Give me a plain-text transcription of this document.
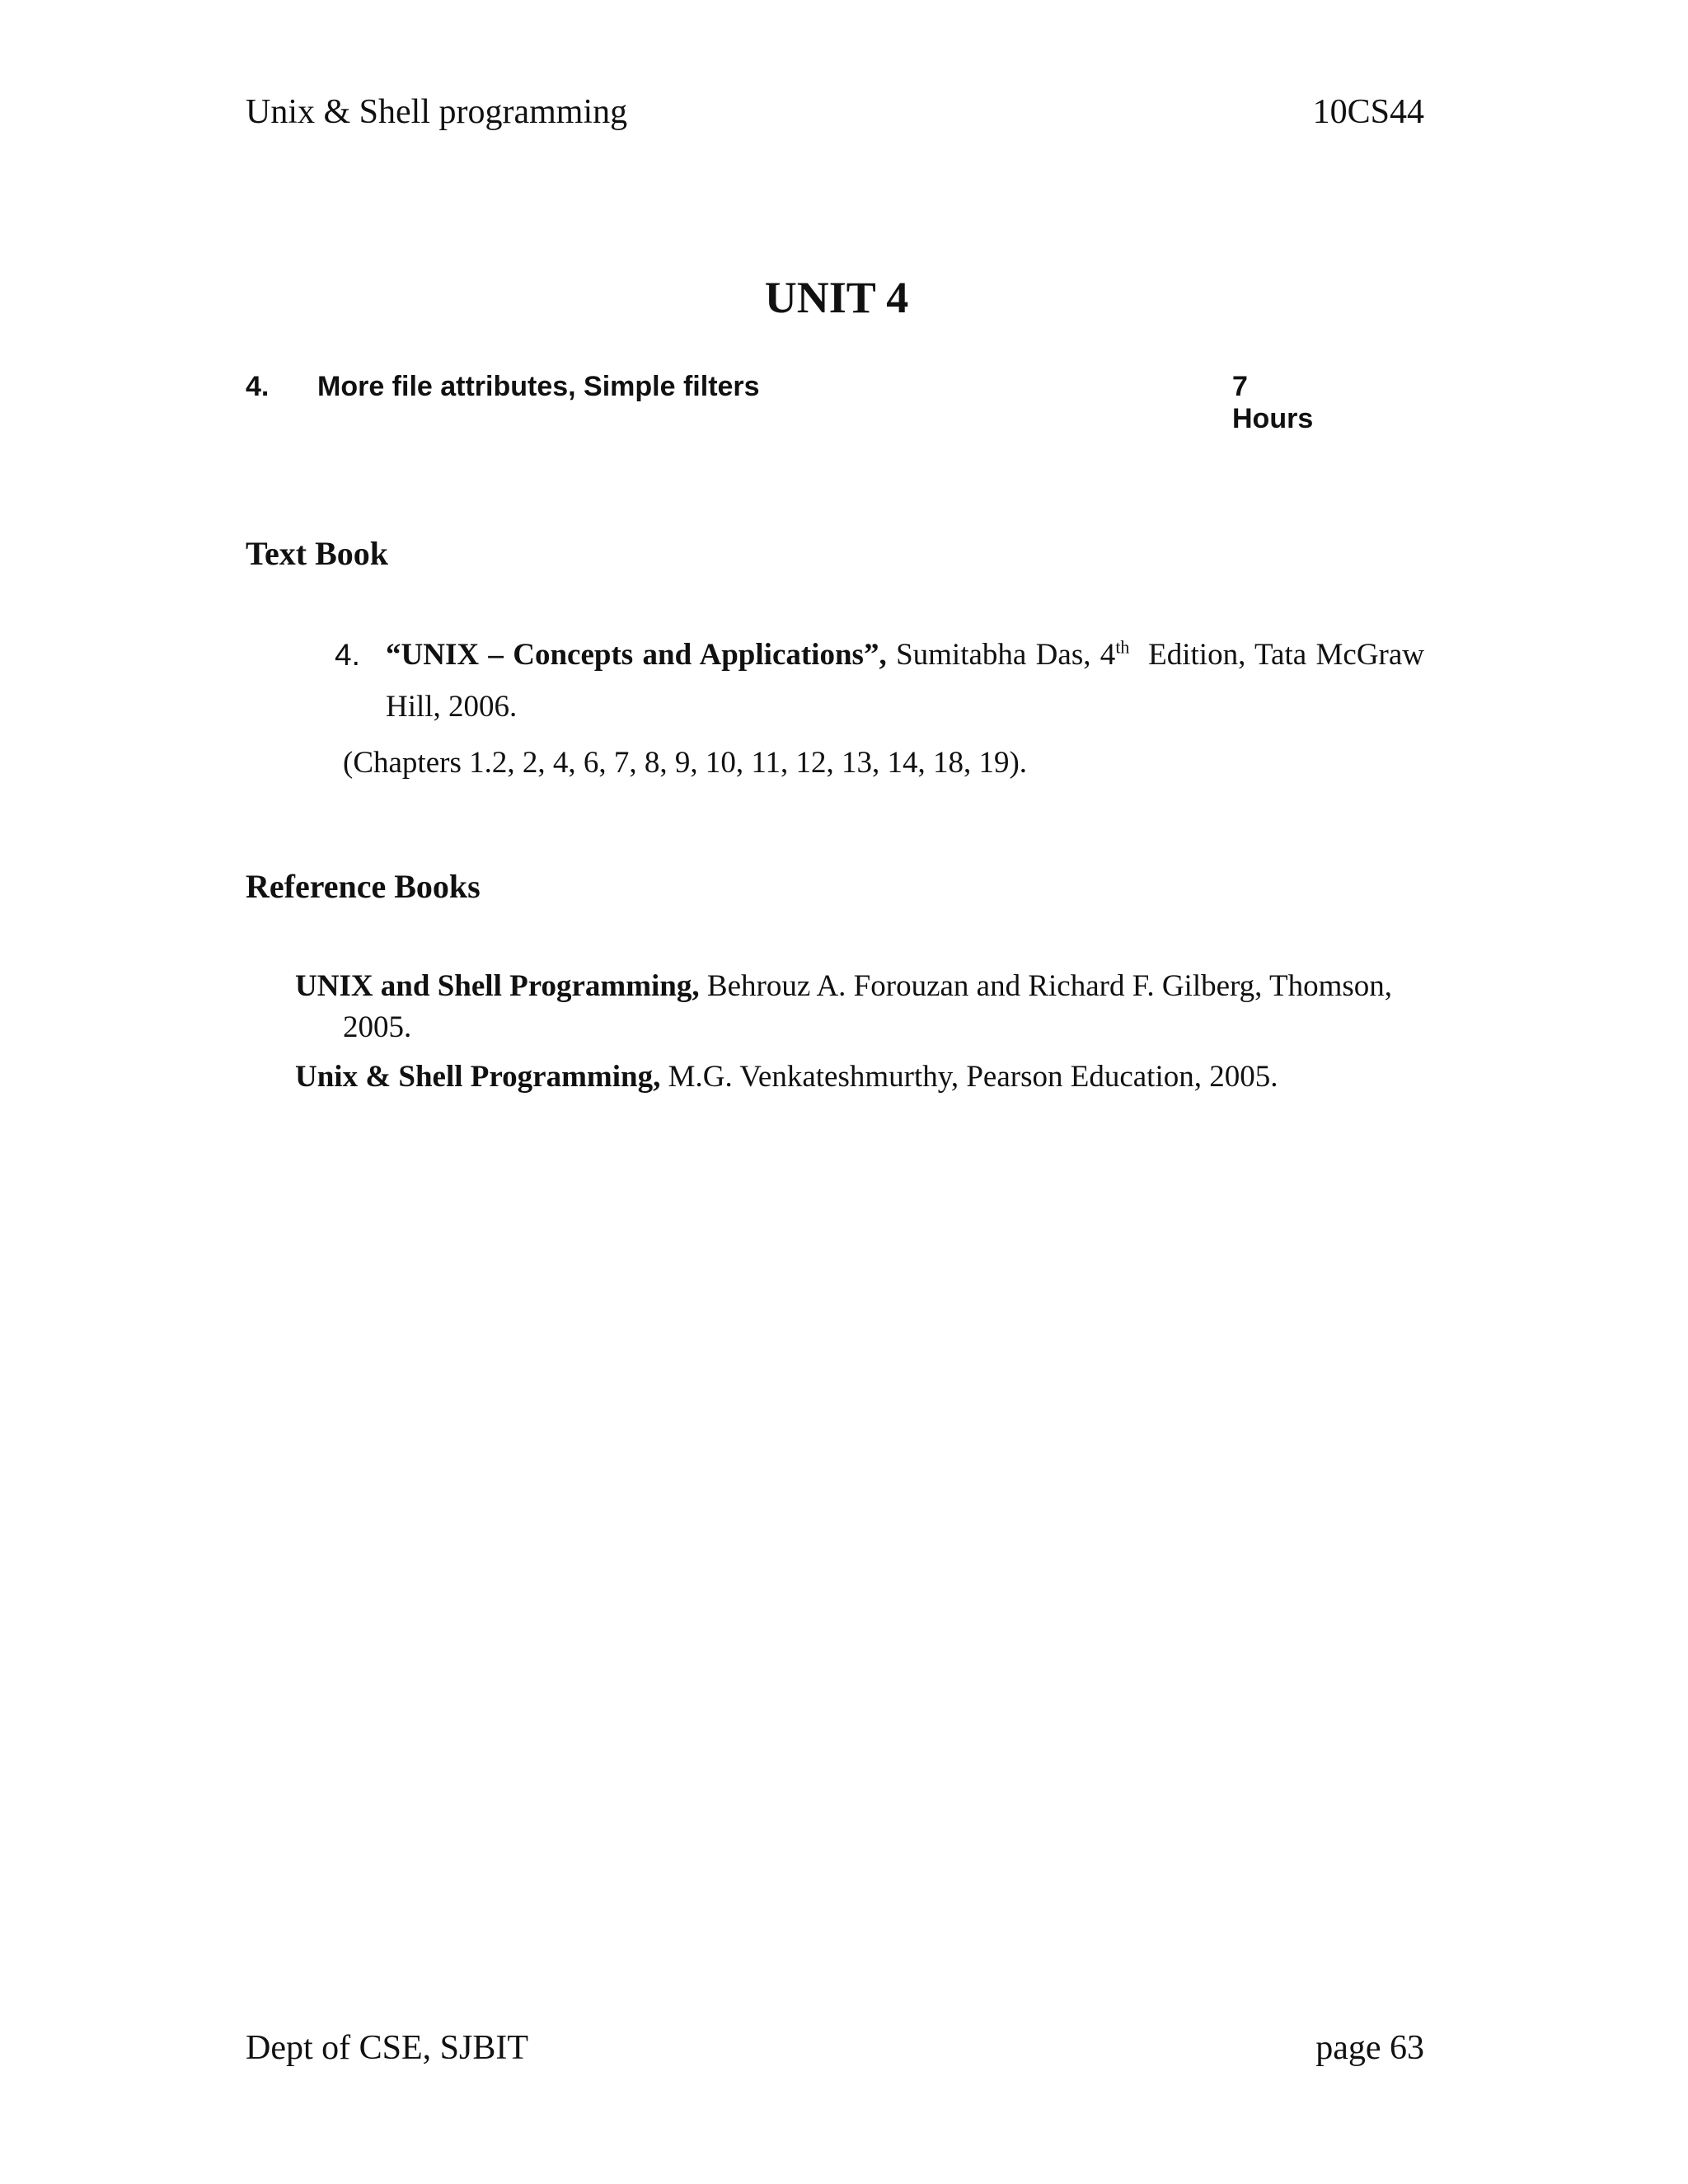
Unix & Shell programming	10CS44
UNIT 4
4. More file attributes, Simple filters	7 Hours
Text Book
4. “UNIX – Concepts and Applications”, Sumitabha Das, 4th Edition, Tata McGraw Hill, 2006.
(Chapters 1.2, 2, 4, 6, 7, 8, 9, 10, 11, 12, 13, 14, 18, 19).
Reference Books
UNIX and Shell Programming, Behrouz A. Forouzan and Richard F. Gilberg, Thomson,
2005.
Unix & Shell Programming, M.G. Venkateshmurthy, Pearson Education, 2005.
Dept of CSE, SJBIT	page 63
